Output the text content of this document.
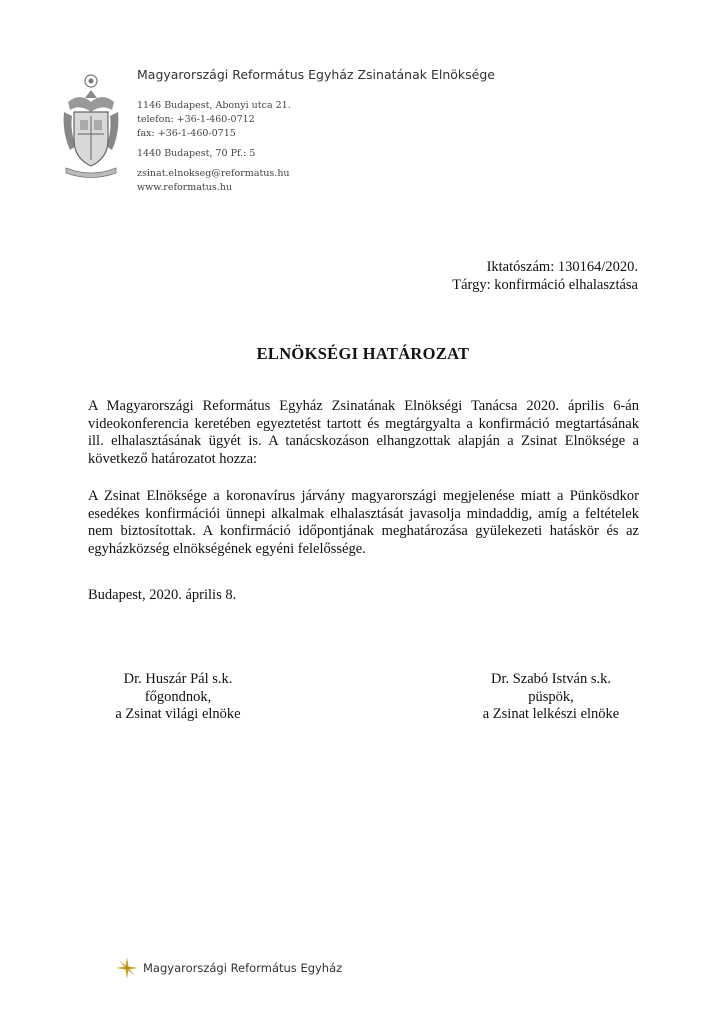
Magyarországi Református Egyház Zsinatának Elnöksége
1146 Budapest, Abonyi utca 21.
telefon: +36-1-460-0712
fax: +36-1-460-0715
1440 Budapest, 70 Pf.: 5
zsinat.elnokseg@reformatus.hu
www.reformatus.hu
Iktatószám: 130164/2020.
Tárgy: konfirmáció elhalasztása
ELNÖKSÉGI HATÁROZAT
A Magyarországi Református Egyház Zsinatának Elnökségi Tanácsa 2020. április 6-án videokonferencia keretében egyeztetést tartott és megtárgyalta a konfirmáció megtartásának ill. elhalasztásának ügyét is. A tanácskozáson elhangzottak alapján a Zsinat Elnöksége a következő határozatot hozza:
A Zsinat Elnöksége a koronavírus járvány magyarországi megjelenése miatt a Pünkösdkor esedékes konfirmációi ünnepi alkalmak elhalasztását javasolja mindaddig, amíg a feltételek nem biztosítottak. A konfirmáció időpontjának meghatározása gyülekezeti hatáskör és az egyházközség elnökségének egyéni felelőssége.
Budapest, 2020. április 8.
Dr. Huszár Pál s.k.
főgondnok,
a Zsinat világi elnöke
Dr. Szabó István s.k.
püspök,
a Zsinat lelkészi elnöke
Magyarországi Református Egyház
